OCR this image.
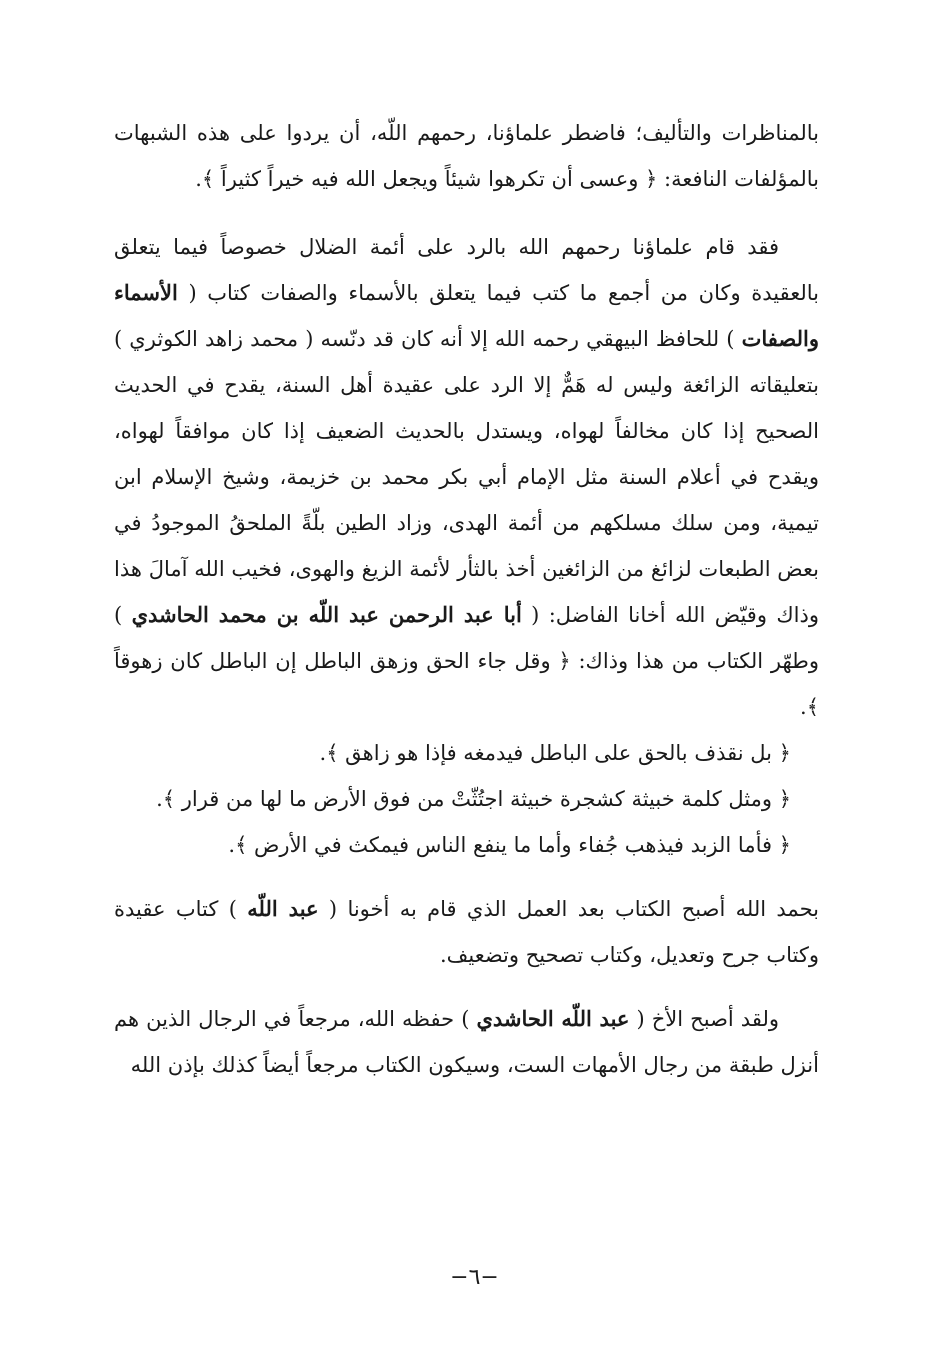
بالمناظرات والتأليف؛ فاضطر علماؤنا، رحمهم اللّه، أن يردوا على هذه الشبهات بالمؤلفات النافعة: ﴿ وعسى أن تكرهوا شيئاً ويجعل الله فيه خيراً كثيراً ﴾.

فقد قام علماؤنا رحمهم الله بالرد على أئمة الضلال خصوصاً فيما يتعلق بالعقيدة وكان من أجمع ما كتب فيما يتعلق بالأسماء والصفات كتاب ( الأسماء والصفات ) للحافظ البيهقي رحمه الله إلا أنه كان قد دنّسه ( محمد زاهد الكوثري ) بتعليقاته الزائغة وليس له هَمٌّ إلا الرد على عقيدة أهل السنة، يقدح في الحديث الصحيح إذا كان مخالفاً لهواه، ويستدل بالحديث الضعيف إذا كان موافقاً لهواه، ويقدح في أعلام السنة مثل الإمام أبي بكر محمد بن خزيمة، وشيخ الإسلام ابن تيمية، ومن سلك مسلكهم من أئمة الهدى، وزاد الطين بلّةً الملحقُ الموجودُ في بعض الطبعات لزائغ من الزائغين أخذ بالثأر لأئمة الزيغ والهوى، فخيب الله آمالَ هذا وذاك وقيّض الله أخانا الفاضل: ( أبا عبد الرحمن عبد اللّه بن محمد الحاشدي ) وطهّر الكتاب من هذا وذاك: ﴿ وقل جاء الحق وزهق الباطل إن الباطل كان زهوقاً ﴾.

﴿ بل نقذف بالحق على الباطل فيدمغه فإذا هو زاهق ﴾.

﴿ ومثل كلمة خبيثة كشجرة خبيثة اجتُثّتْ من فوق الأرض ما لها من قرار ﴾.

﴿ فأما الزبد فيذهب جُفاء وأما ما ينفع الناس فيمكث في الأرض ﴾.

بحمد الله أصبح الكتاب بعد العمل الذي قام به أخونا ( عبد اللّه ) كتاب عقيدة وكتاب جرح وتعديل، وكتاب تصحيح وتضعيف.

ولقد أصبح الأخ ( عبد اللّه الحاشدي ) حفظه الله، مرجعاً في الرجال الذين هم أنزل طبقة من رجال الأمهات الست، وسيكون الكتاب مرجعاً أيضاً كذلك بإذن الله

−٦−
